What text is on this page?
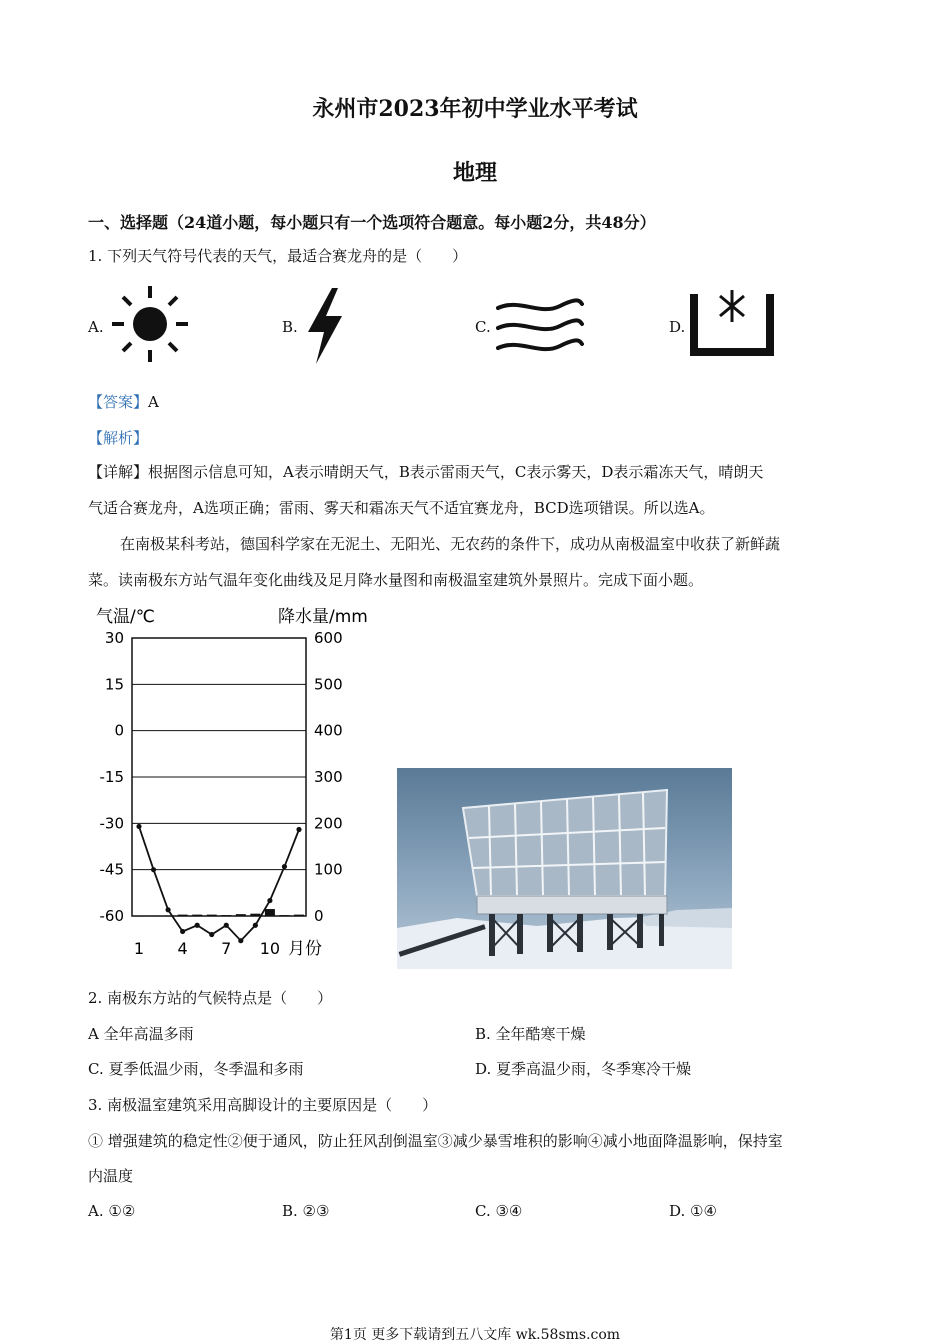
永州市2023年初中学业水平考试
地理
一、选择题（24道小题，每小题只有一个选项符合题意。每小题2分，共48分）
1. 下列天气符号代表的天气，最适合赛龙舟的是（　　）
A.	B.	C.	D.
【答案】A
【解析】
【详解】根据图示信息可知，A表示晴朗天气，B表示雷雨天气，C表示雾天，D表示霜冻天气，晴朗天
气适合赛龙舟，A选项正确；雷雨、雾天和霜冻天气不适宜赛龙舟，BCD选项错误。所以选A。
在南极某科考站，德国科学家在无泥土、无阳光、无农药的条件下，成功从南极温室中收获了新鲜蔬
菜。读南极东方站气温年变化曲线及足月降水量图和南极温室建筑外景照片。完成下面小题。
30
15
0
-15
-30
-45
-60
600
500
400
300
200
100
0
气温/℃	降水量/mm
1 4 7 10 月份
2. 南极东方站的气候特点是（　　）
A 全年高温多雨	B. 全年酷寒干燥
C. 夏季低温少雨，冬季温和多雨	D. 夏季高温少雨，冬季寒冷干燥
3. 南极温室建筑采用高脚设计的主要原因是（　　）
① 增强建筑的稳定性②便于通风，防止狂风刮倒温室③减少暴雪堆积的影响④减小地面降温影响，保持室
内温度
A. ①②	B. ②③	C. ③④	D. ①④
第1页 更多下载请到五八文库 wk.58sms.com
